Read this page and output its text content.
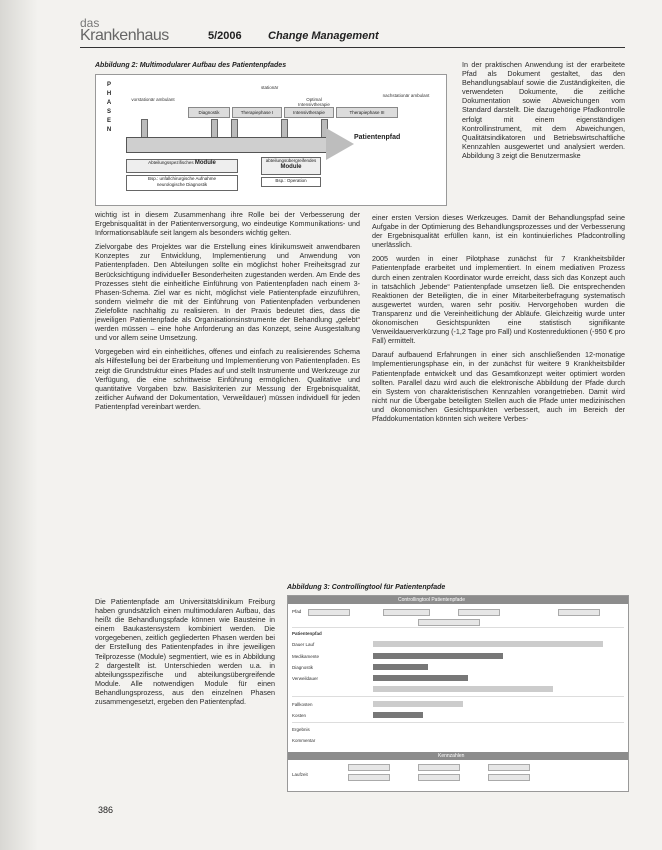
das
Krankenhaus	5/2006 Change Management
Abbildung 2: Multimodularer Aufbau des Patientenpfades
P
H
A
S
E
N
stationär
vorstationär ambulant
nachstationär ambulant
Optimal Intensivtherapie
Diagnostik	Therapiephase I	Intensivtherapie	Therapiephase III
Patientenpfad
Abteilungsspezifisches Module	abteilungsübergreifendes
Module
Bsp.: unfallchirurgische Aufnahme
neurologische Diagnostik
Bsp.: Operation

In der praktischen Anwendung ist der erarbeitete Pfad als Dokument gestaltet, das den Behandlungsablauf sowie die Zuständigkeiten, die verwendeten Dokumente, die zeitliche Dokumentation sowie Abweichungen vom Standard darstellt. Die dazugehörige Pfadkontrolle erfolgt mit einem eigenständigen Kontrollinstrument, mit dem Abweichungen, Qualitätsindikatoren und Betriebswirtschaftliche Kennzahlen ausgewertet und analysiert werden. Abbildung 3 zeigt die Benutzermaske

wichtig ist in diesem Zusammenhang ihre Rolle bei der Verbesserung der Ergebnisqualität in der Patientenversorgung, wo eindeutige Kommunikations- und Informationsabläufe seit langem als besonders wichtig gelten.

Zielvorgabe des Projektes war die Erstellung eines klinikumsweit anwendbaren Konzeptes zur Entwicklung, Implementierung und Anwendung von Patientenpfaden. Den Abteilungen sollte ein möglichst hoher Freiheitsgrad zur Berücksichtigung individueller Besonderheiten zugestanden werden. Am Ende des Prozesses steht die einheitliche Einführung von Patientenpfaden nach einem 3-Phasen-Schema. Ziel war es nicht, möglichst viele Patientenpfade einzuführen, sondern vielmehr die mit der Einführung von Patientenpfaden verbundenen Zielefolkte nachhaltig zu realisieren. In der Praxis bedeutet dies, dass die jeweiligen Patientenpfade als Organisationsinstrumente der Behandlung „gelebt“ werden müssen – eine hohe Anforderung an das Konzept, seine Ausgestaltung und vor allem seine Umsetzung.

Vorgegeben wird ein einheitliches, offenes und einfach zu realisierendes Schema als Hilfestellung bei der Erarbeitung und Implementierung von Patientenpfaden. Es zeigt die Grundstruktur eines Pfades auf und stellt Instrumente und Werkzeuge zur Verfügung, die eine schrittweise Einführung ermöglichen. Qualitative und quantitative Vorgaben bzw. Basiskriterien zur Messung der Ergebnisqualität, zeitlicher Aufwand der Dokumentation, Verweildauer) müssen individuell für jeden Patientenpfad vereinbart werden.

Die Patientenpfade am Universitätsklinikum Freiburg haben grundsätzlich einen multimodularen Aufbau, das heißt die Behandlungspfade können wie Bausteine in einem Baukastensystem kombiniert werden. Die vorgegebenen, zeitlich gegliederten Phasen werden bei der Erstellung des Patientenpfades in ihre jeweiligen Teilprozesse (Module) segmentiert, wie es in Abbildung 2 dargestellt ist. Unterschieden werden u.a. in abteilungsspezifische und abteilungsübergreifende Module. Alle notwendigen Module für einen Behandlungsprozess, aus den einzelnen Phasen zusammengesetzt, ergeben den Patientenpfad.

einer ersten Version dieses Werkzeuges. Damit der Behandlungspfad seine Aufgabe in der Optimierung des Behandlungsprozesses und der Verbesserung der Ergebnisqualität erfüllen kann, ist ein kontinuierliches Pfadcontrolling unerlässlich.

2005 wurden in einer Pilotphase zunächst für 7 Krankheitsbilder Patientenpfade erarbeitet und implementiert. In einem mediativen Prozess durch einen zentralen Koordinator wurde erreicht, dass sich das Konzept auch in tatsächlich „lebende“ Patientenpfade umsetzen ließ. Die entsprechenden Reaktionen der Beteiligten, die in einer Mitarbeiterbefragung systematisch ausgewertet wurden, waren sehr positiv. Hervorgehoben wurden die Transparenz und die Vereinheitlichung der Abläufe. Gleichzeitig wurde unter ökonomischen Gesichtspunkten eine statistisch signifikante Verweildauerverkürzung (-1,2 Tage pro Fall) und Kostenreduktionen (-950 € pro Fall) ermittelt.

Darauf aufbauend Erfahrungen in einer sich anschließenden 12-monatige Implementierungsphase ein, in der zunächst für weitere 9 Krankheitsbilder Patientenpfade entwickelt und das Gesamtkonzept weiter optimiert worden sollten. Parallel dazu wird auch die elektronische Abbildung der Pfade durch ein System von charakteristischen Kennzahlen vorangetrieben. Damit wird nicht nur die Übergabe beteiligten Stellen auch die Pfade unter medizinischen und ökonomischen Gesichtspunkten verbessert, auch im Bereich der Pfaddokumentation könnten sich weitere Verbes-

Abbildung 3: Controllingtool für Patientenpfade
Controllingtool Patientenpfade
Pfad
Patientenpfad
Dauer Lauf
Medikamente
Diagnostik
Verweildauer
Fallkosten
Kosten
Ergebnis
Kommentar
Kennzahlen
Laufzeit
386
